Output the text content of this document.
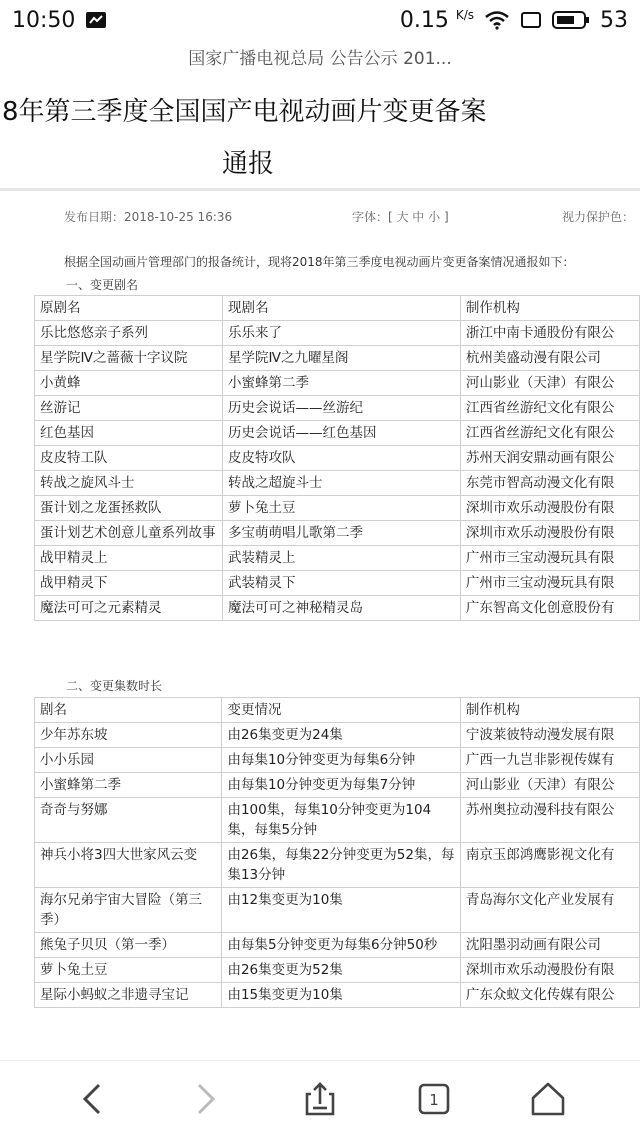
10:50	0.15 $^{K/s}$	53
国家广播电视总局 公告公示 201...
8年第三季度全国国产电视动画片变更备案
通报
发布日期：2018-10-25 16:36	字体：[ 大 中 小 ]	视力保护色：
根据全国动画片管理部门的报备统计，现将2018年第三季度电视动画片变更备案情况通报如下：
一、变更剧名
原剧名	现剧名	制作机构
乐比悠悠亲子系列	乐乐来了	浙江中南卡通股份有限公
星学院Ⅳ之蔷薇十字议院	星学院Ⅳ之九曜星阁	杭州美盛动漫有限公司
小黄蜂	小蜜蜂第二季	河山影业（天津）有限公
丝游记	历史会说话——丝游纪	江西省丝游纪文化有限公
红色基因	历史会说话——红色基因	江西省丝游纪文化有限公
皮皮特工队	皮皮特攻队	苏州天润安鼎动画有限公
转战之旋风斗士	转战之超旋斗士	东莞市智高动漫文化有限
蛋计划之龙蛋拯救队	萝卜兔土豆	深圳市欢乐动漫股份有限
蛋计划艺术创意儿童系列故事	多宝萌萌唱儿歌第二季	深圳市欢乐动漫股份有限
战甲精灵上	武装精灵上	广州市三宝动漫玩具有限
战甲精灵下	武装精灵下	广州市三宝动漫玩具有限
魔法可可之元素精灵	魔法可可之神秘精灵岛	广东智高文化创意股份有
二、变更集数时长
剧名	变更情况	制作机构
少年苏东坡	由26集变更为24集	宁波莱彼特动漫发展有限
小小乐园	由每集10分钟变更为每集6分钟	广西一九岂非影视传媒有
小蜜蜂第二季	由每集10分钟变更为每集7分钟	河山影业（天津）有限公
奇奇与努娜	由100集，每集10分钟变更为104集，每集5分钟	苏州奥拉动漫科技有限公
神兵小将3四大世家风云变	由26集，每集22分钟变更为52集，每集13分钟	南京玉郎鸿鹰影视文化有
海尔兄弟宇宙大冒险（第三季）	由12集变更为10集	青岛海尔文化产业发展有
熊兔子贝贝（第一季）	由每集5分钟变更为每集6分钟50秒	沈阳墨羽动画有限公司
萝卜兔土豆	由26集变更为52集	深圳市欢乐动漫股份有限
星际小蚂蚁之非遗寻宝记	由15集变更为10集	广东众蚁文化传媒有限公
1
